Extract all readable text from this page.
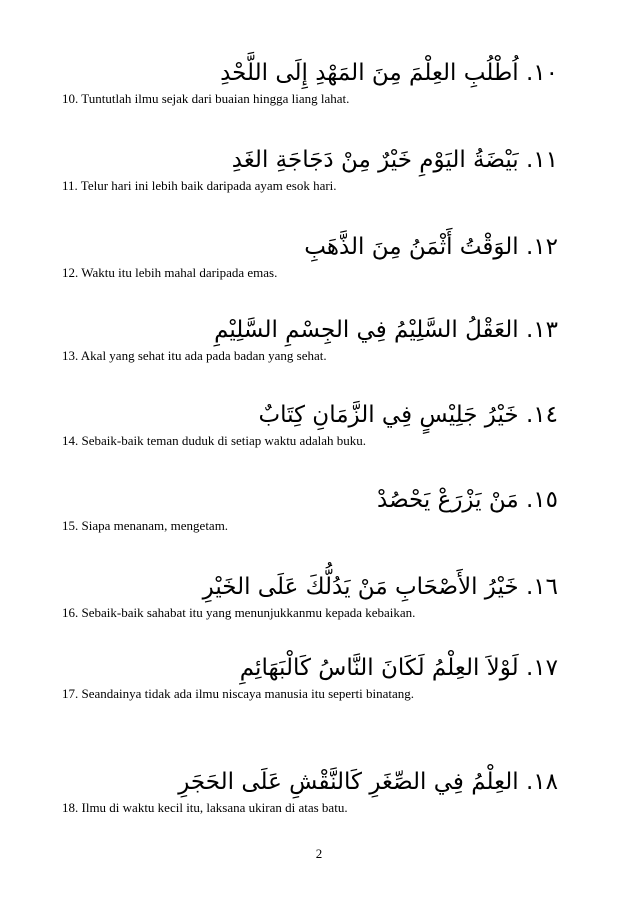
١٠. اُطْلُبِ العِلْمَ مِنَ المَهْدِ إِلَى اللَّحْدِ
10. Tuntutlah ilmu sejak dari buaian hingga liang lahat.
١١. بَيْضَةُ اليَوْمِ خَيْرٌ مِنْ دَجَاجَةِ الغَدِ
11. Telur hari ini lebih baik daripada ayam esok hari.
١٢. الوَقْتُ أَثْمَنُ مِنَ الذَّهَبِ
12. Waktu itu lebih mahal daripada emas.
١٣. العَقْلُ السَّلِيْمُ فِي الجِسْمِ السَّلِيْمِ
13. Akal yang sehat itu ada pada badan yang sehat.
١٤. خَيْرُ جَلِيْسٍ فِي الزَّمَانِ كِتَابٌ
14. Sebaik-baik teman duduk di setiap waktu adalah buku.
١٥. مَنْ يَزْرَعْ يَحْصُدْ
15. Siapa menanam, mengetam.
١٦. خَيْرُ الأَصْحَابِ مَنْ يَدُلُّكَ عَلَى الخَيْرِ
16. Sebaik-baik sahabat itu yang menunjukkanmu kepada kebaikan.
١٧. لَوْلاَ العِلْمُ لَكَانَ النَّاسُ كَالْبَهَائِمِ
17. Seandainya tidak ada ilmu niscaya manusia itu seperti binatang.
١٨. العِلْمُ فِي الصِّغَرِ كَالنَّقْشِ عَلَى الحَجَرِ
18. Ilmu di waktu kecil itu, laksana ukiran di atas batu.
2
